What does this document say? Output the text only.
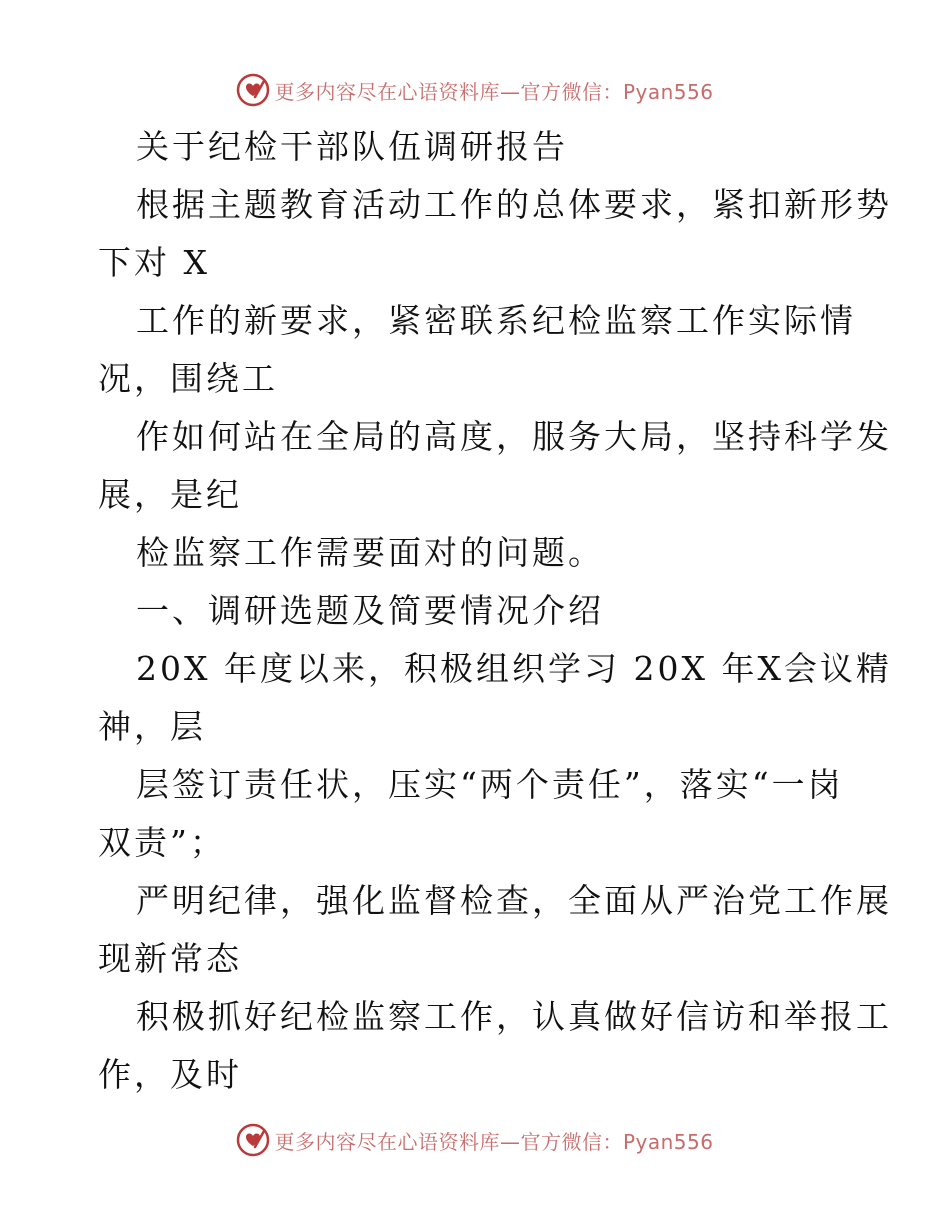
更多内容尽在心语资料库—官方微信：Pyan556
关于纪检干部队伍调研报告
根据主题教育活动工作的总体要求，紧扣新形势
下对 X
工作的新要求，紧密联系纪检监察工作实际情
况，围绕工
作如何站在全局的高度，服务大局，坚持科学发
展，是纪
检监察工作需要面对的问题。
一、调研选题及简要情况介绍
20X 年度以来，积极组织学习 20X 年X会议精
神，层
层签订责任状，压实“两个责任”，落实“一岗
双责”；
严明纪律，强化监督检查，全面从严治党工作展
现新常态
积极抓好纪检监察工作，认真做好信访和举报工
作，及时
更多内容尽在心语资料库—官方微信：Pyan556
